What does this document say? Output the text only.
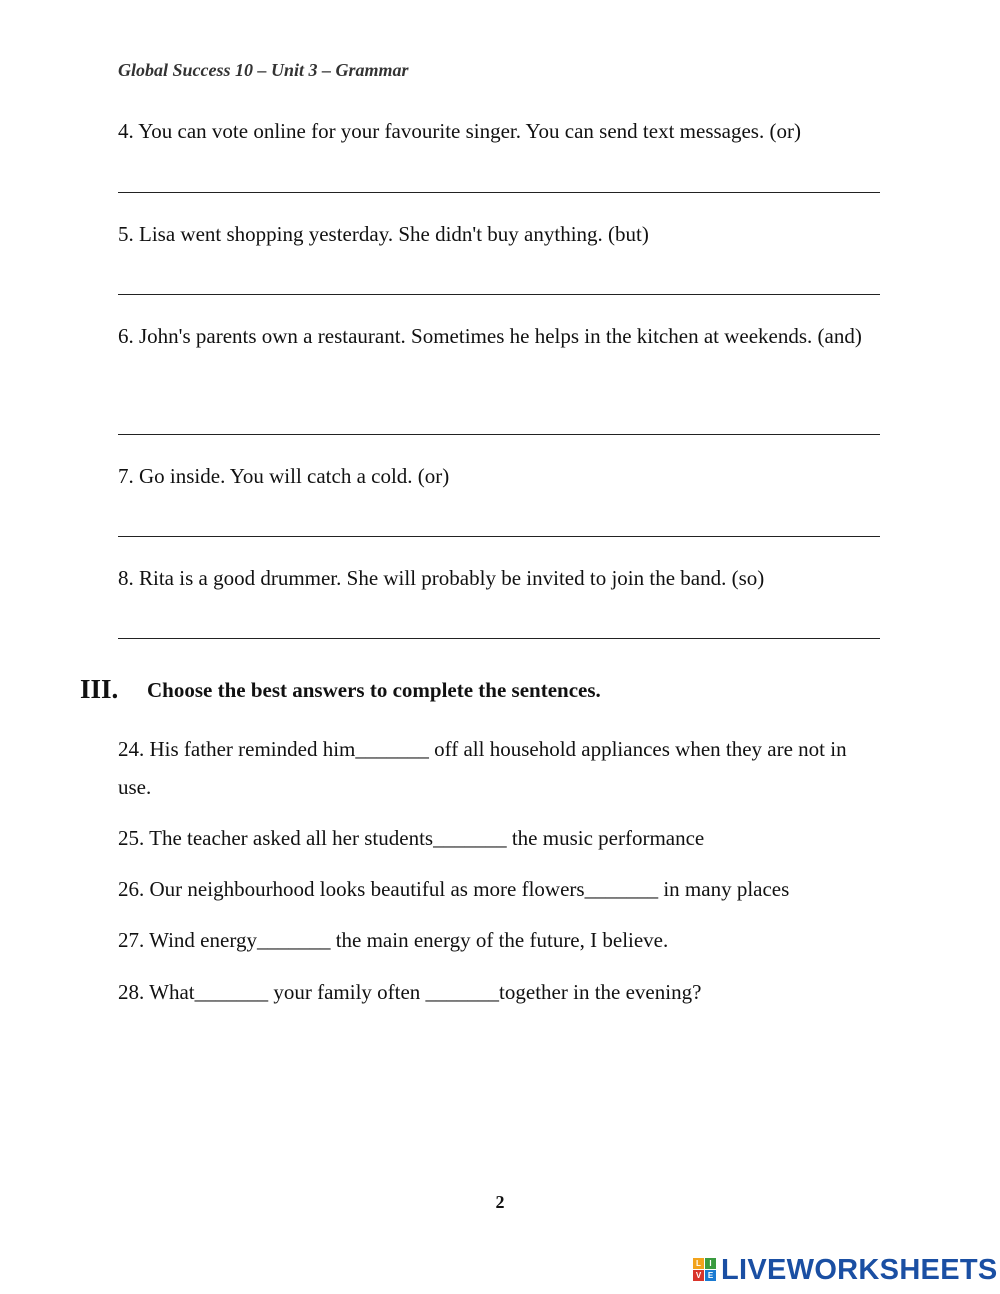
Global Success 10 – Unit 3 – Grammar
4. You can vote online for your favourite singer. You can send text messages. (or)
5. Lisa went shopping yesterday. She didn't buy anything. (but)
6. John's parents own a restaurant. Sometimes he helps in the kitchen at weekends. (and)
7. Go inside. You will catch a cold. (or)
8. Rita is a good drummer. She will probably be invited to join the band. (so)
III. Choose the best answers to complete the sentences.
24. His father reminded him_______ off all household appliances when they are not in use.
25. The teacher asked all her students_______ the music performance
26. Our neighbourhood looks beautiful as more flowers_______ in many places
27. Wind energy_______ the main energy of the future, I believe.
28. What_______ your family often _______together in the evening?
2
L	I
V E LIVEWORKSHEETS
